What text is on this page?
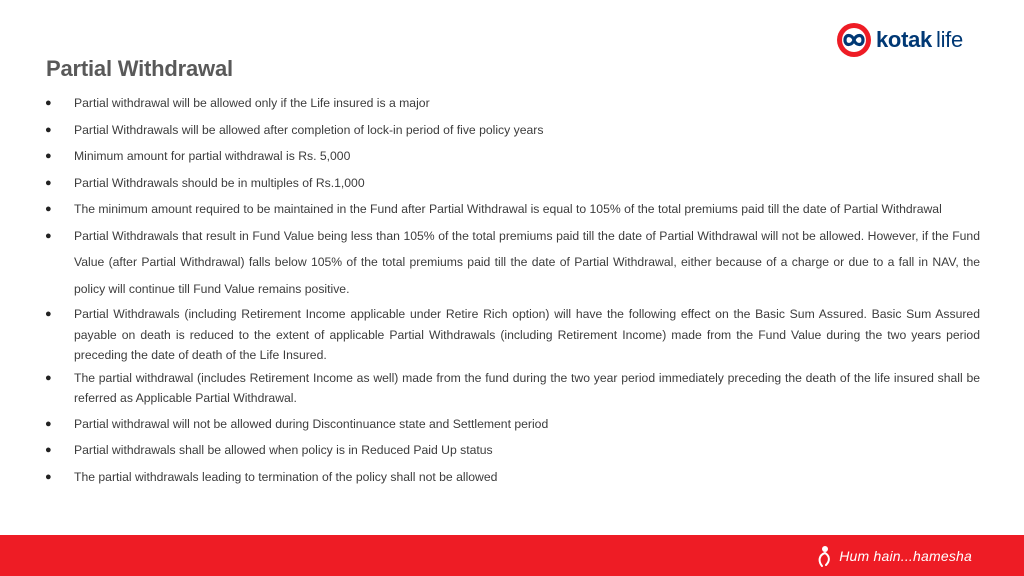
kotak life
Partial Withdrawal
● Partial withdrawal will be allowed only if the Life insured is a major
● Partial Withdrawals will be allowed after completion of lock-in period of five policy years
● Minimum amount for partial withdrawal is Rs. 5,000
● Partial Withdrawals should be in multiples of Rs.1,000
● The minimum amount required to be maintained in the Fund after Partial Withdrawal is equal to 105% of the total premiums paid till the date of Partial Withdrawal
● Partial Withdrawals that result in Fund Value being less than 105% of the total premiums paid till the date of Partial Withdrawal will not be allowed. However, if the Fund Value (after Partial Withdrawal) falls below 105% of the total premiums paid till the date of Partial Withdrawal, either because of a charge or due to a fall in NAV, the policy will continue till Fund Value remains positive.
● Partial Withdrawals (including Retirement Income applicable under Retire Rich option) will have the following effect on the Basic Sum Assured. Basic Sum Assured payable on death is reduced to the extent of applicable Partial Withdrawals (including Retirement Income) made from the Fund Value during the two years period preceding the date of death of the Life Insured.
● The partial withdrawal (includes Retirement Income as well) made from the fund during the two year period immediately preceding the death of the life insured shall be referred as Applicable Partial Withdrawal.
● Partial withdrawal will not be allowed during Discontinuance state and Settlement period
● Partial withdrawals shall be allowed when policy is in Reduced Paid Up status
● The partial withdrawals leading to termination of the policy shall not be allowed
Hum hain...hamesha
